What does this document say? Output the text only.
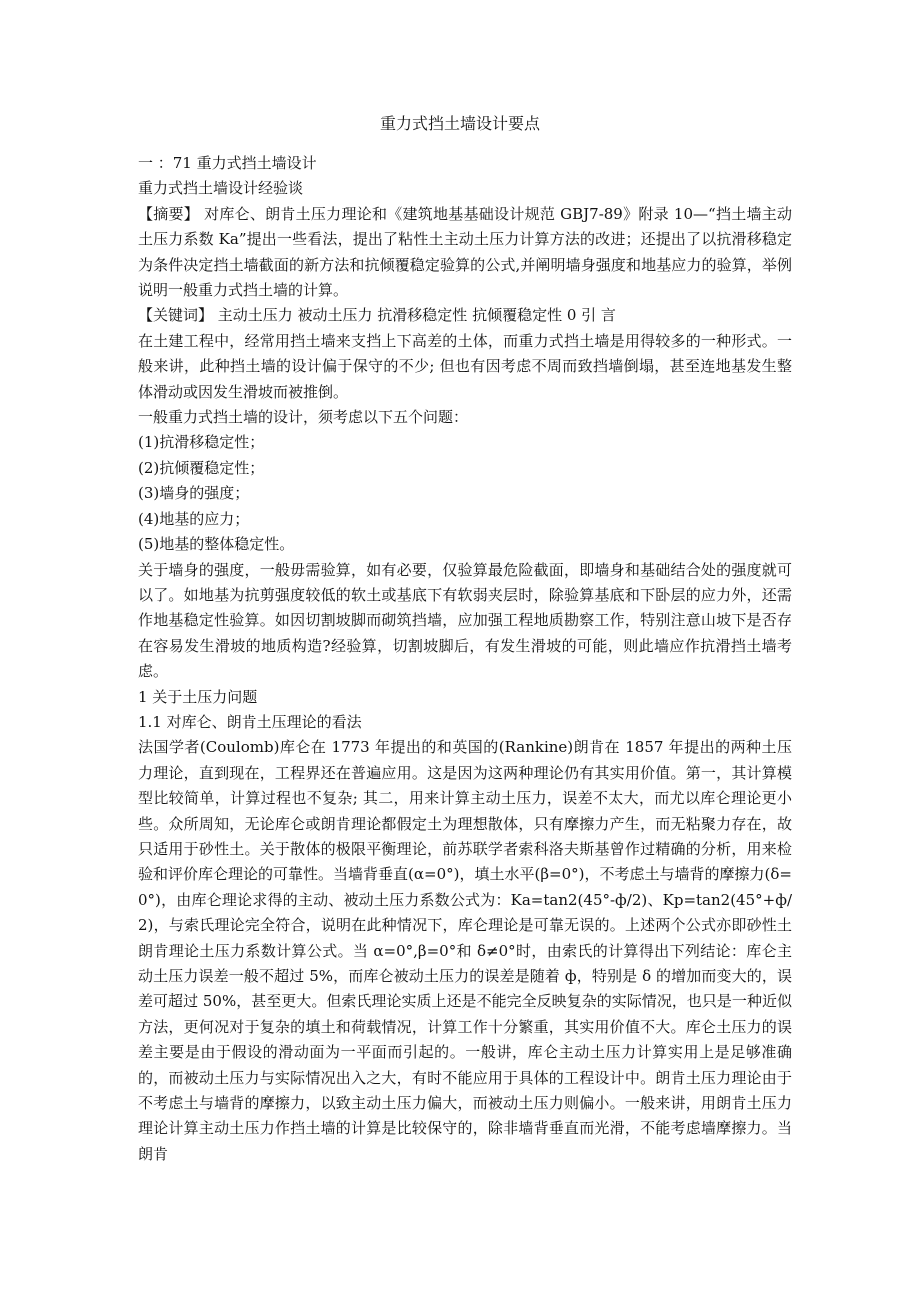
重力式挡土墙设计要点

一 ：71 重力式挡土墙设计

重力式挡土墙设计经验谈

【摘要】 对库仑、朗肯土压力理论和《建筑地基基础设计规范 GBJ7-89》附录 10—“挡土墙主动土压力系数 Ka”提出一些看法，提出了粘性土主动土压力计算方法的改进；还提出了以抗滑移稳定为条件决定挡土墙截面的新方法和抗倾覆稳定验算的公式,并阐明墙身强度和地基应力的验算，举例说明一般重力式挡土墙的计算。

【关键词】 主动土压力 被动土压力 抗滑移稳定性 抗倾覆稳定性 0 引 言

在土建工程中，经常用挡土墙来支挡上下高差的土体，而重力式挡土墙是用得较多的一种形式。一般来讲，此种挡土墙的设计偏于保守的不少; 但也有因考虑不周而致挡墙倒塌，甚至连地基发生整体滑动或因发生滑坡而被推倒。

一般重力式挡土墙的设计，须考虑以下五个问题：

(1)抗滑移稳定性；

(2)抗倾覆稳定性；

(3)墙身的强度；

(4)地基的应力；

(5)地基的整体稳定性。

关于墙身的强度，一般毋需验算，如有必要，仅验算最危险截面，即墙身和基础结合处的强度就可以了。如地基为抗剪强度较低的软土或基底下有软弱夹层时，除验算基底和下卧层的应力外，还需作地基稳定性验算。如因切割坡脚而砌筑挡墙，应加强工程地质勘察工作，特别注意山坡下是否存在容易发生滑坡的地质构造?经验算，切割坡脚后，有发生滑坡的可能，则此墙应作抗滑挡土墙考虑。

1 关于土压力问题

1.1 对库仑、朗肯土压理论的看法

法国学者(Coulomb)库仑在 1773 年提出的和英国的(Rankine)朗肯在 1857 年提出的两种土压力理论，直到现在，工程界还在普遍应用。这是因为这两种理论仍有其实用价值。第一，其计算模型比较简单，计算过程也不复杂; 其二，用来计算主动土压力，误差不太大，而尤以库仑理论更小些。众所周知，无论库仑或朗肯理论都假定土为理想散体，只有摩擦力产生，而无粘聚力存在，故只适用于砂性土。关于散体的极限平衡理论，前苏联学者索科洛夫斯基曾作过精确的分析，用来检验和评价库仑理论的可靠性。当墙背垂直(α=0°)，填土水平(β=0°)，不考虑土与墙背的摩擦力(δ=0°)，由库仑理论求得的主动、被动土压力系数公式为：Ka=tan2(45°-ф/2)、Kp=tan2(45°+ф/2)，与索氏理论完全符合，说明在此种情况下，库仑理论是可靠无误的。上述两个公式亦即砂性土朗肯理论土压力系数计算公式。当 α=0°,β=0°和 δ≠0°时，由索氏的计算得出下列结论：库仑主动土压力误差一般不超过 5%，而库仑被动土压力的误差是随着 ф，特别是 δ 的增加而变大的，误差可超过 50%，甚至更大。但索氏理论实质上还是不能完全反映复杂的实际情况，也只是一种近似方法，更何况对于复杂的填土和荷载情况，计算工作十分繁重，其实用价值不大。库仑土压力的误差主要是由于假设的滑动面为一平面而引起的。一般讲，库仑主动土压力计算实用上是足够准确的，而被动土压力与实际情况出入之大，有时不能应用于具体的工程设计中。朗肯土压力理论由于不考虑土与墙背的摩擦力，以致主动土压力偏大，而被动土压力则偏小。一般来讲，用朗肯土压力理论计算主动土压力作挡土墙的计算是比较保守的，除非墙背垂直而光滑，不能考虑墙摩擦力。当朗肯
